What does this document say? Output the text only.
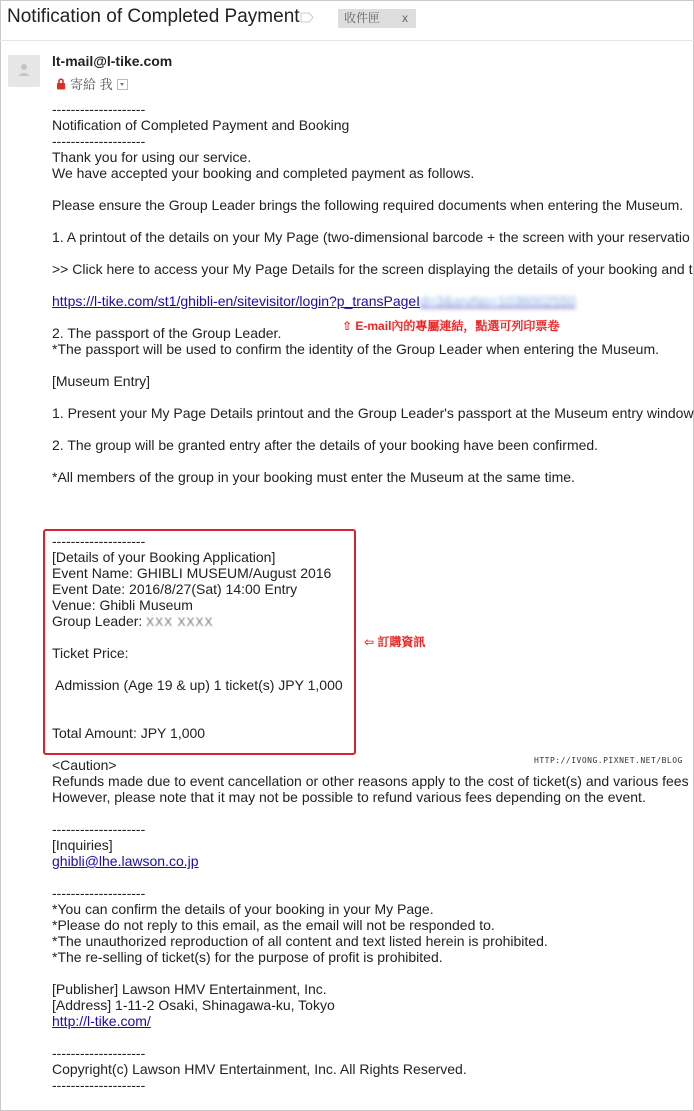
Notification of Completed Payment	收件匣 x
lt-mail@l-tike.com
寄給 我
--------------------
Notification of Completed Payment and Booking
--------------------
Thank you for using our service.
We have accepted your booking and completed payment as follows.
Please ensure the Group Leader brings the following required documents when entering the Museum.
1. A printout of the details on your My Page (two-dimensional barcode + the screen with your reservatio
>> Click here to access your My Page Details for the screen displaying the details of your booking and t
https://l-tike.com/st1/ghibli-en/sitevisitor/login?p_transPageId=3&srvNo=1036002550
2. The passport of the Group Leader.
*The passport will be used to confirm the identity of the Group Leader when entering the Museum.
[Museum Entry]
1. Present your My Page Details printout and the Group Leader's passport at the Museum entry window
2. The group will be granted entry after the details of your booking have been confirmed.
*All members of the group in your booking must enter the Museum at the same time.
--------------------
[Details of your Booking Application]
Event Name: GHIBLI MUSEUM/August 2016
Event Date: 2016/8/27(Sat) 14:00 Entry
Venue: Ghibli Museum
Group Leader: XXX XXXX
Ticket Price:
Admission (Age 19 & up) 1 ticket(s) JPY 1,000
Total Amount: JPY 1,000
<Caution>
Refunds made due to event cancellation or other reasons apply to the cost of ticket(s) and various fees
However, please note that it may not be possible to refund various fees depending on the event.
--------------------
[Inquiries]
ghibli@lhe.lawson.co.jp
--------------------
*You can confirm the details of your booking in your My Page.
*Please do not reply to this email, as the email will not be responded to.
*The unauthorized reproduction of all content and text listed herein is prohibited.
*The re-selling of ticket(s) for the purpose of profit is prohibited.
[Publisher] Lawson HMV Entertainment, Inc.
[Address] 1-11-2 Osaki, Shinagawa-ku, Tokyo
http://l-tike.com/
--------------------
Copyright(c) Lawson HMV Entertainment, Inc. All Rights Reserved.
--------------------
⇧ E-mail內的專屬連結，點選可列印票卷
⇦ 訂購資訊
HTTP://IVONG.PIXNET.NET/BLOG
